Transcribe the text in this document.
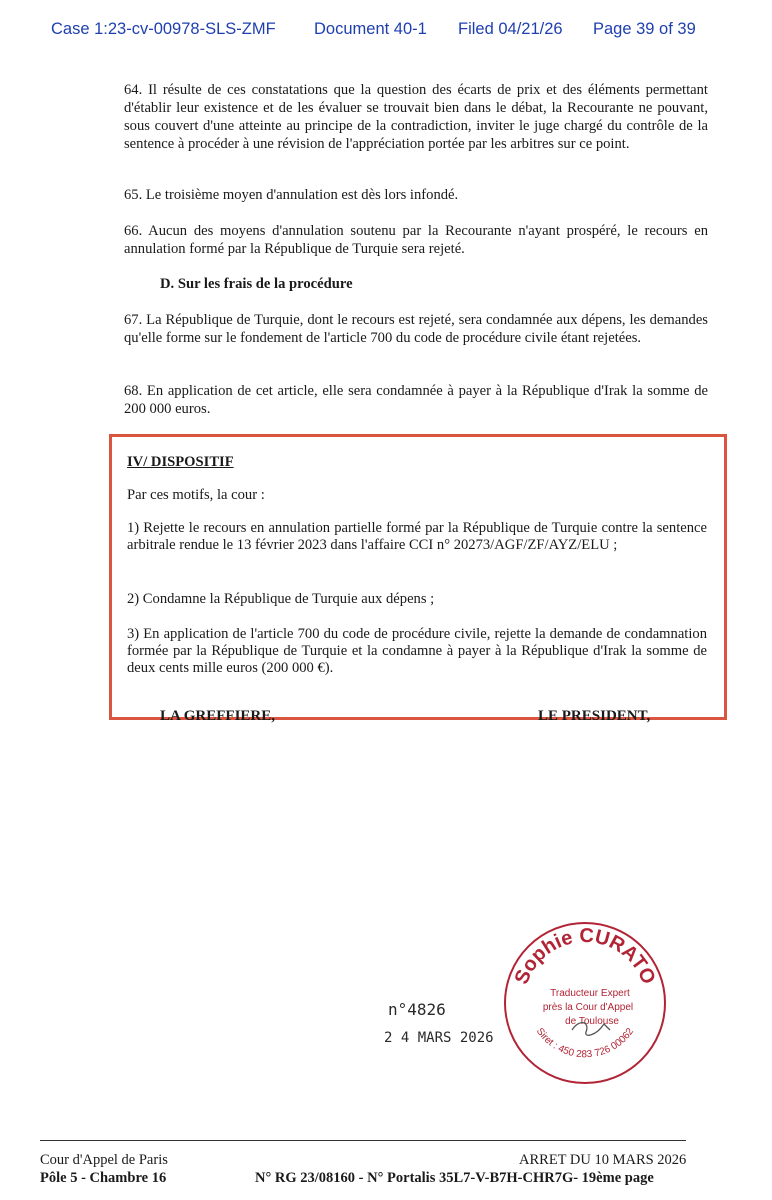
Case 1:23-cv-00978-SLS-ZMF Document 40-1 Filed 04/21/26 Page 39 of 39
64. Il résulte de ces constatations que la question des écarts de prix et des éléments permettant d'établir leur existence et de les évaluer se trouvait bien dans le débat, la Recourante ne pouvant, sous couvert d'une atteinte au principe de la contradiction, inviter le juge chargé du contrôle de la sentence à procéder à une révision de l'appréciation portée par les arbitres sur ce point.
65. Le troisième moyen d'annulation est dès lors infondé.
66. Aucun des moyens d'annulation soutenu par la Recourante n'ayant prospéré, le recours en annulation formé par la République de Turquie sera rejeté.
D. Sur les frais de la procédure
67. La République de Turquie, dont le recours est rejeté, sera condamnée aux dépens, les demandes qu'elle forme sur le fondement de l'article 700 du code de procédure civile étant rejetées.
68. En application de cet article, elle sera condamnée à payer à la République d'Irak la somme de 200 000 euros.
IV/ DISPOSITIF
Par ces motifs, la cour :
1) Rejette le recours en annulation partielle formé par la République de Turquie contre la sentence arbitrale rendue le 13 février 2023 dans l'affaire CCI n° 20273/AGF/ZF/AYZ/ELU ;
2) Condamne la République de Turquie aux dépens ;
3) En application de l'article 700 du code de procédure civile, rejette la demande de condamnation formée par la République de Turquie et la condamne à payer à la République d'Irak la somme de deux cents mille euros (200 000 €).
LA GREFFIERE,	LE PRESIDENT,
n°4826
2 4 MARS 2026
Sophie CURATO
Traducteur Expert
près la Cour d'Appel
de Toulouse
Siret : 450 283 726 00062
Cour d'Appel de Paris
Pôle 5 - Chambre 16
ARRET DU 10 MARS 2026
N° RG 23/08160 - N° Portalis 35L7-V-B7H-CHR7G- 19ème page
